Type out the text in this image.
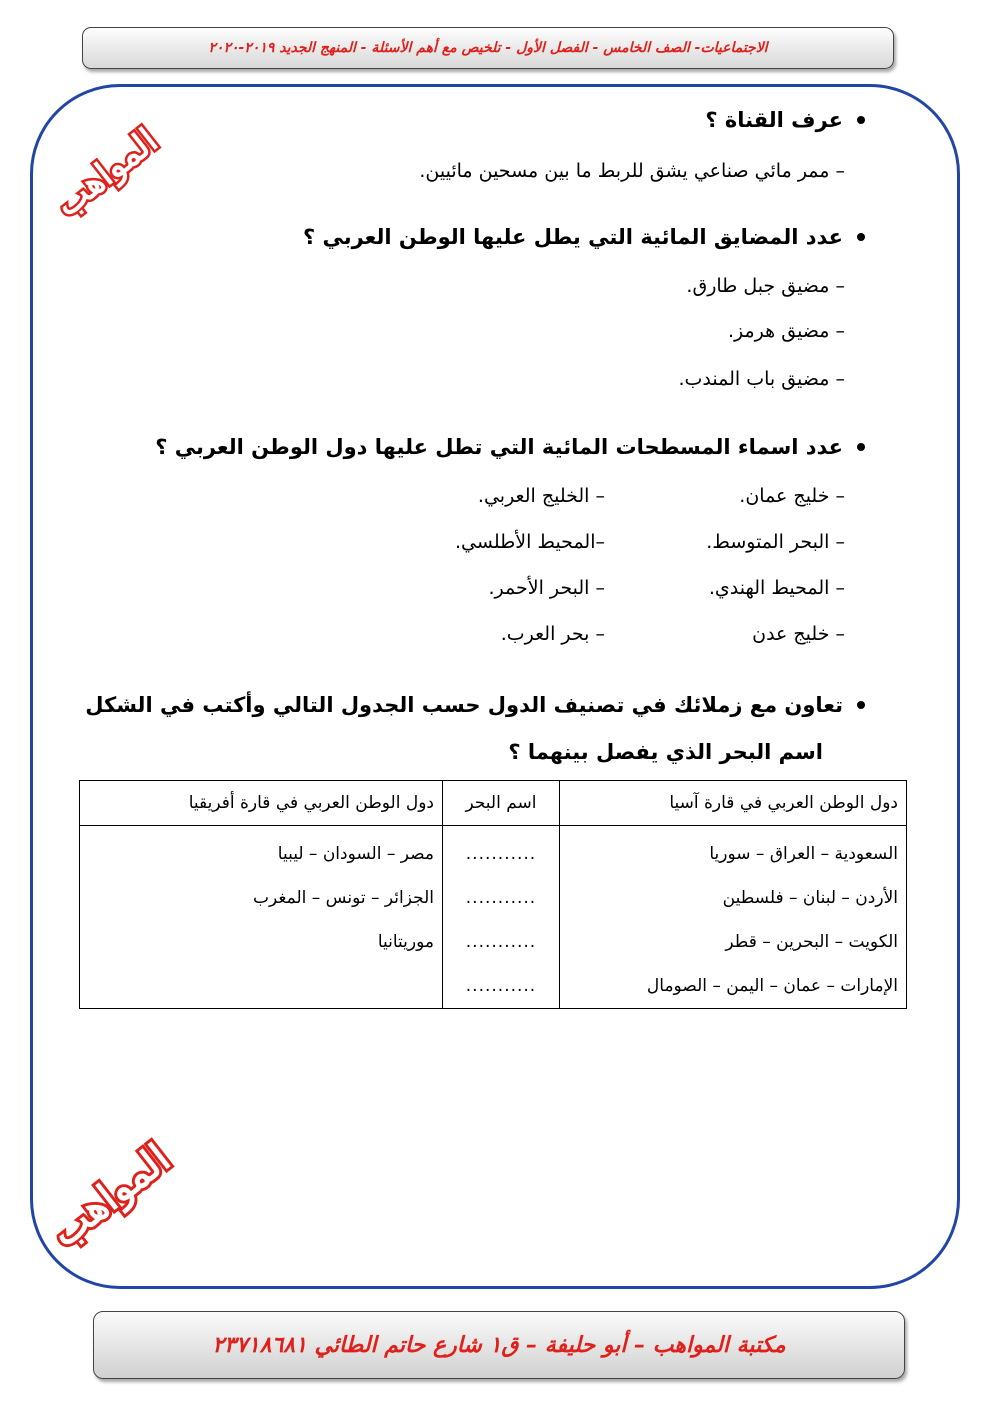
الاجتماعيات- الصف الخامس - الفصل الأول - تلخيص مع أهم الأسئلة - المنهج الجديد ٢٠١٩-٢٠٢٠
المواهب
المواهب
عرف القناة ؟
– ممر مائي صناعي يشق للربط ما بين مسحين مائيين.
عدد المضايق المائية التي يطل عليها الوطن العربي ؟
– مضيق جبل طارق.
– مضيق هرمز.
– مضيق باب المندب.
عدد اسماء المسطحات المائية التي تطل عليها دول الوطن العربي ؟
– خليج عمان.
– البحر المتوسط.
– المحيط الهندي.
– خليج عدن
– الخليج العربي.
–المحيط الأطلسي.
– البحر الأحمر.
– بحر العرب.
تعاون مع زملائك في تصنيف الدول حسب الجدول التالي وأكتب في الشكل
اسم البحر الذي يفصل بينهما ؟
دول الوطن العربي في قارة آسيا	اسم البحر	دول الوطن العربي في قارة أفريقيا
السعودية – العراق – سوريا	...........	مصر – السودان – ليبيا
الأردن – لبنان – فلسطين	...........	الجزائر – تونس – المغرب
الكويت – البحرين – قطر	...........	موريتانيا
الإمارات – عمان – اليمن – الصومال	...........	
مكتبة المواهب – أبو حليفة – ق١ شارع حاتم الطائي ٢٣٧١٨٦٨١
